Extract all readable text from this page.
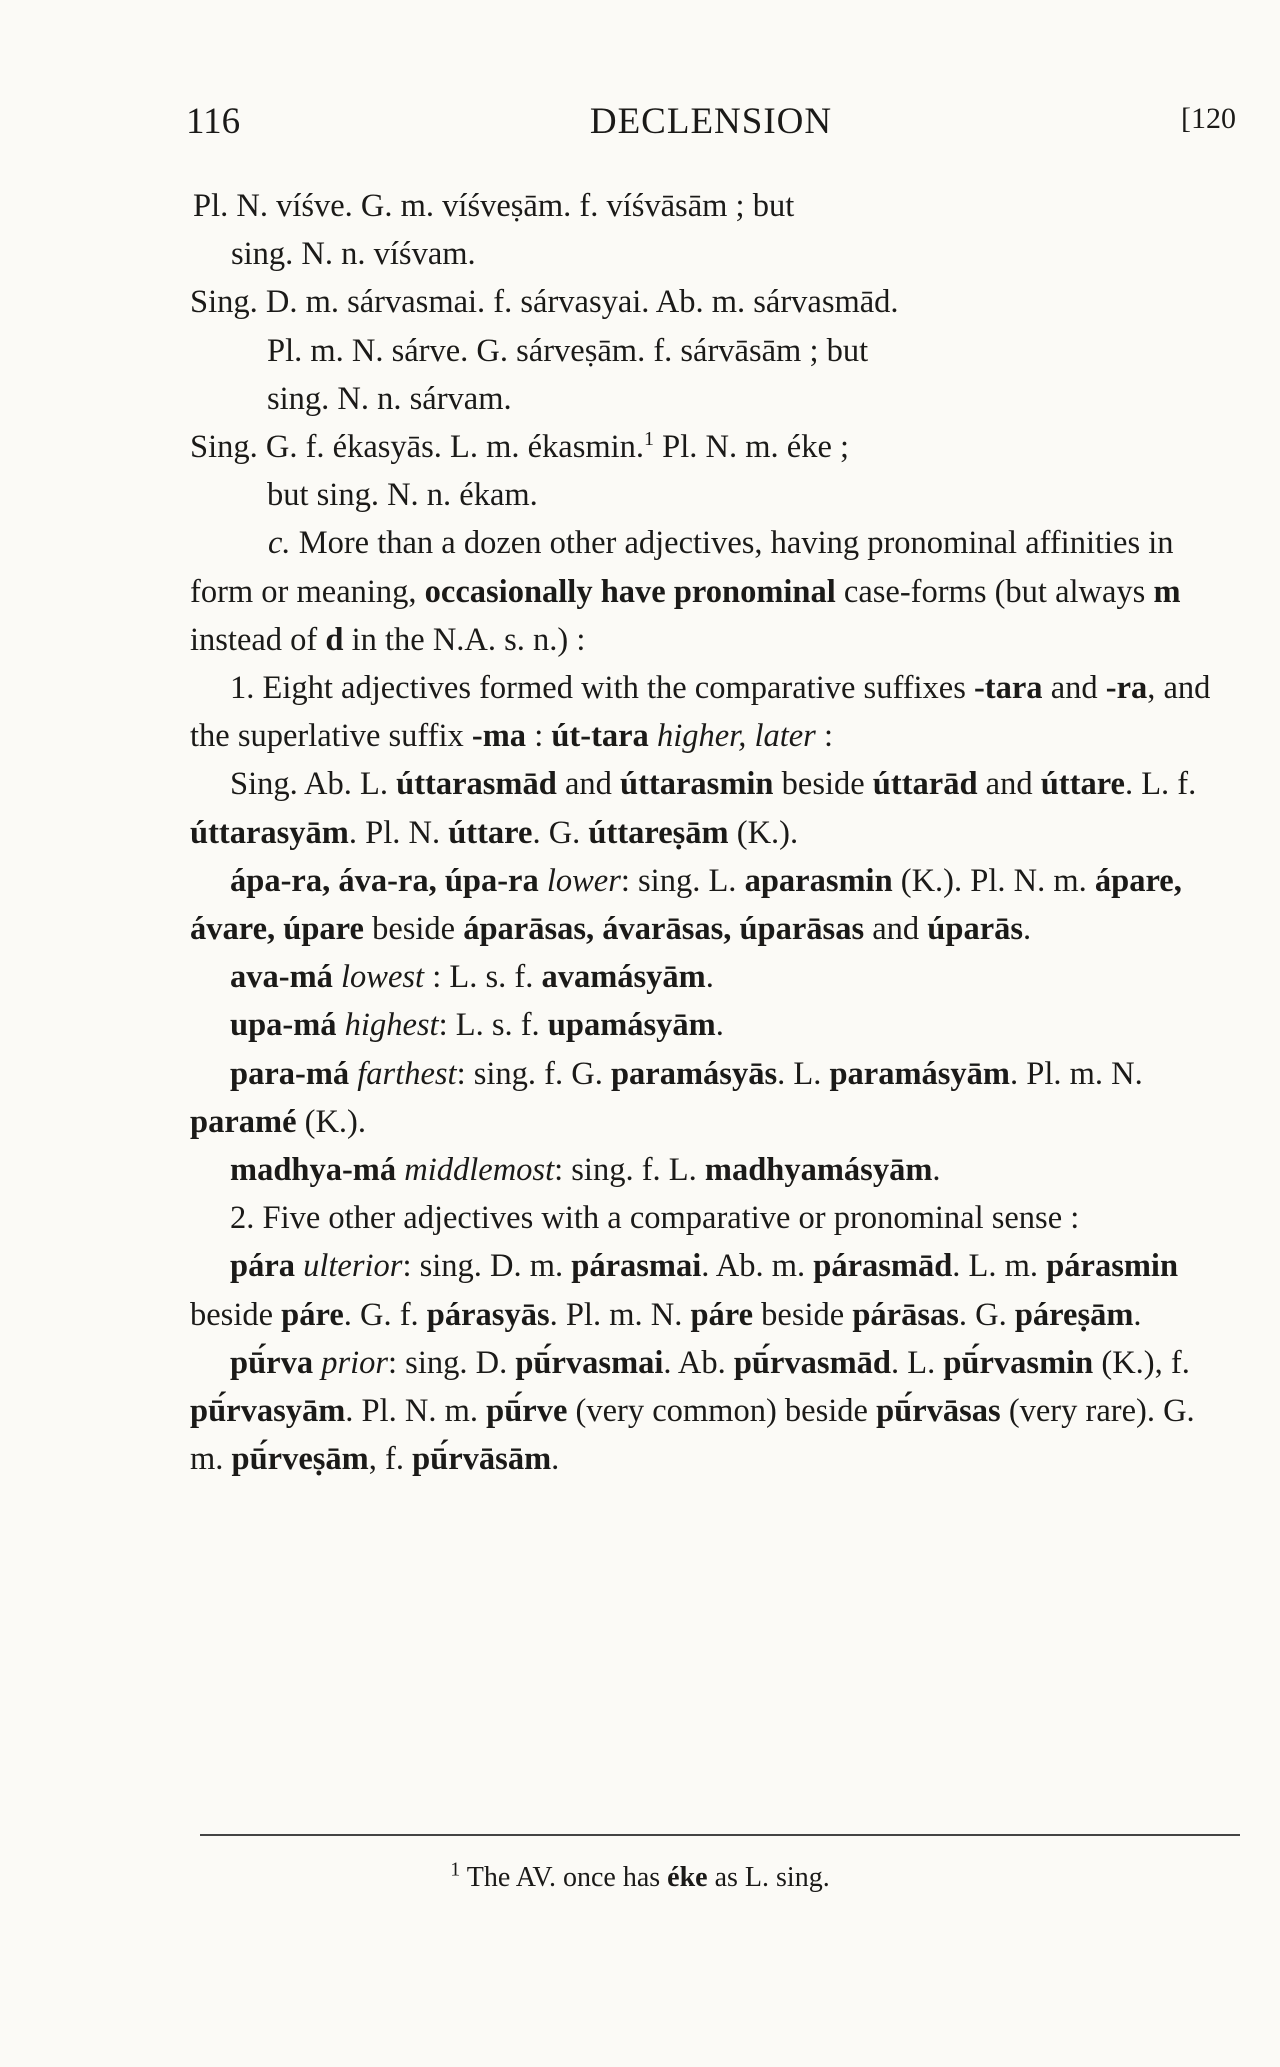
116	DECLENSION	[120

Pl. N. víśve. G. m. víśveṣām. f. víśvāsām ; but
sing. N. n. víśvam.

Sing. D. m. sárvasmai. f. sárvasyai. Ab. m. sárvasmād.
Pl. m. N. sárve. G. sárveṣām. f. sárvāsām ; but
sing. N. n. sárvam.

Sing. G. f. ékasyās. L. m. ékasmin.$^1$ Pl. N. m. éke ;
but sing. N. n. ékam.

c. More than a dozen other adjectives, having pronominal affinities in form or meaning, occasionally have pronominal case-forms (but always m instead of d in the N.A. s. n.) :

1. Eight adjectives formed with the comparative suffixes -tara and -ra, and the superlative suffix -ma : út-tara higher, later :

Sing. Ab. L. úttarasmād and úttarasmin beside úttarād and úttare. L. f. úttarasyām. Pl. N. úttare. G. úttareṣām (K.).

ápa-ra, áva-ra, úpa-ra lower: sing. L. aparasmin (K.). Pl. N. m. ápare, ávare, úpare beside áparāsas, ávarāsas, úparāsas and úparās.

ava-má lowest : L. s. f. avamásyām.

upa-má highest: L. s. f. upamásyām.

para-má farthest: sing. f. G. paramásyās. L. paramásyām. Pl. m. N. paramé (K.).

madhya-má middlemost: sing. f. L. madhyamásyām.

2. Five other adjectives with a comparative or pronominal sense :

pára ulterior: sing. D. m. párasmai. Ab. m. párasmād. L. m. párasmin beside páre. G. f. párasyās. Pl. m. N. páre beside párāsas. G. páreṣām.

pū́rva prior: sing. D. pū́rvasmai. Ab. pū́rvasmād. L. pū́rvasmin (K.), f. pū́rvasyām. Pl. N. m. pū́rve (very common) beside pū́rvāsas (very rare). G. m. pū́rveṣām, f. pū́rvāsām.

$^1$ The AV. once has éke as L. sing.
